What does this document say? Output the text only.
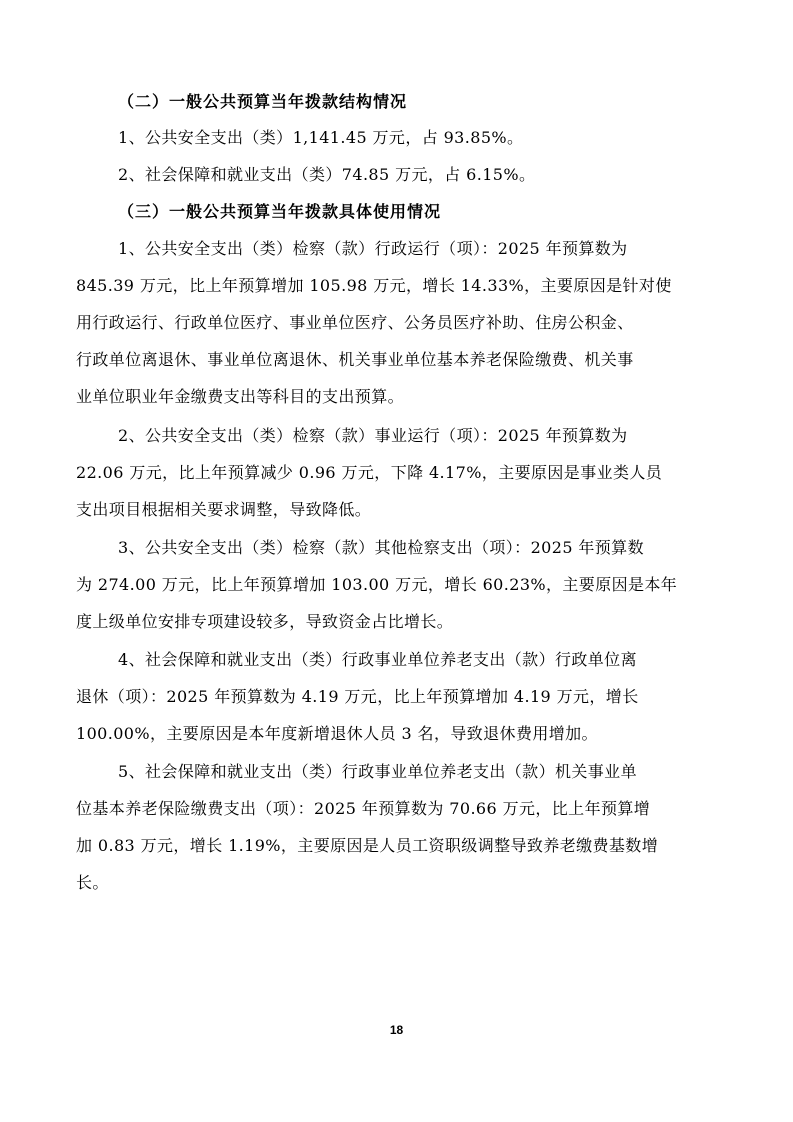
（二）一般公共预算当年拨款结构情况
1、公共安全支出（类）1,141.45 万元，占 93.85%。
2、社会保障和就业支出（类）74.85 万元，占 6.15%。
（三）一般公共预算当年拨款具体使用情况
1、公共安全支出（类）检察（款）行政运行（项）：2025 年预算数为
845.39 万元，比上年预算增加 105.98 万元，增长 14.33%，主要原因是针对使
用行政运行、行政单位医疗、事业单位医疗、公务员医疗补助、住房公积金、
行政单位离退休、事业单位离退休、机关事业单位基本养老保险缴费、机关事
业单位职业年金缴费支出等科目的支出预算。
2、公共安全支出（类）检察（款）事业运行（项）：2025 年预算数为
22.06 万元，比上年预算减少 0.96 万元，下降 4.17%，主要原因是事业类人员
支出项目根据相关要求调整，导致降低。
3、公共安全支出（类）检察（款）其他检察支出（项）：2025 年预算数
为 274.00 万元，比上年预算增加 103.00 万元，增长 60.23%，主要原因是本年
度上级单位安排专项建设较多，导致资金占比增长。
4、社会保障和就业支出（类）行政事业单位养老支出（款）行政单位离
退休（项）：2025 年预算数为 4.19 万元，比上年预算增加 4.19 万元，增长
100.00%，主要原因是本年度新增退休人员 3 名，导致退休费用增加。
5、社会保障和就业支出（类）行政事业单位养老支出（款）机关事业单
位基本养老保险缴费支出（项）：2025 年预算数为 70.66 万元，比上年预算增
加 0.83 万元，增长 1.19%，主要原因是人员工资职级调整导致养老缴费基数增
长。
18
